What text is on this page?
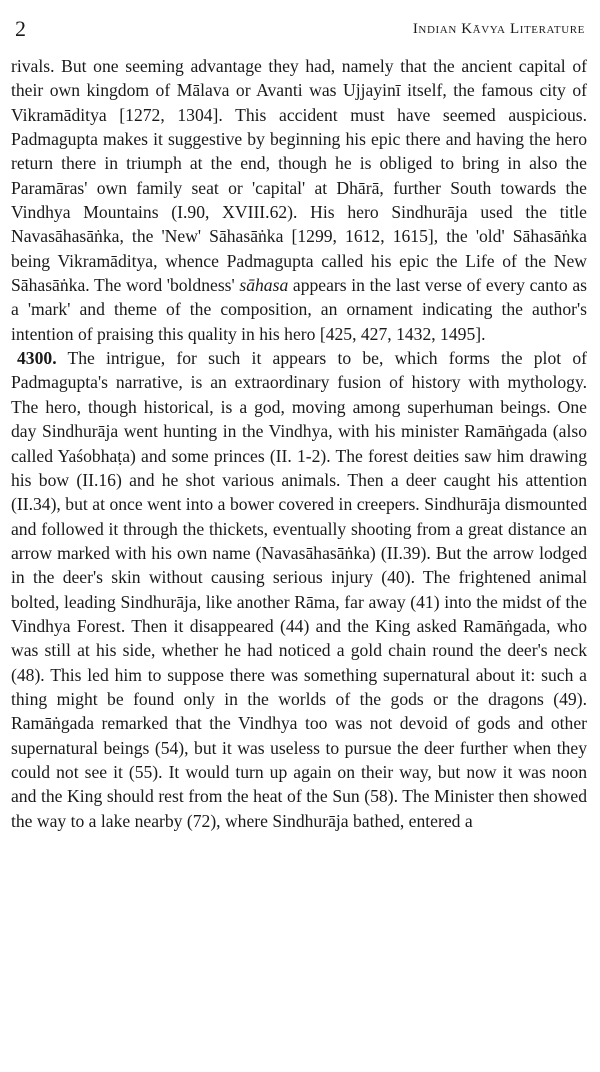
2	Indian Kāvya Literature

rivals. But one seeming advantage they had, namely that the ancient capital of their own kingdom of Mālava or Avanti was Ujjayinī itself, the famous city of Vikramāditya [1272, 1304]. This accident must have seemed auspicious. Padmagupta makes it suggestive by beginning his epic there and having the hero return there in triumph at the end, though he is obliged to bring in also the Paramāras' own family seat or 'capital' at Dhārā, further South towards the Vindhya Mountains (I.90, XVIII.62). His hero Sindhurāja used the title Navasāhasāṅka, the 'New' Sāhasāṅka [1299, 1612, 1615], the 'old' Sāhasāṅka being Vikramāditya, whence Padmagupta called his epic the Life of the New Sāhasāṅka. The word 'boldness' sāhasa appears in the last verse of every canto as a 'mark' and theme of the composition, an ornament indicating the author's intention of praising this quality in his hero [425, 427, 1432, 1495].

4300. The intrigue, for such it appears to be, which forms the plot of Padmagupta's narrative, is an extraordinary fusion of history with mythology. The hero, though historical, is a god, moving among superhuman beings. One day Sindhurāja went hunting in the Vindhya, with his minister Ramāṅgada (also called Yaśobhaṭa) and some princes (II. 1-2). The forest deities saw him drawing his bow (II.16) and he shot various animals. Then a deer caught his attention (II.34), but at once went into a bower covered in creepers. Sindhurāja dismounted and followed it through the thickets, eventually shooting from a great distance an arrow marked with his own name (Navasāhasāṅka) (II.39). But the arrow lodged in the deer's skin without causing serious injury (40). The frightened animal bolted, leading Sindhurāja, like another Rāma, far away (41) into the midst of the Vindhya Forest. Then it disappeared (44) and the King asked Ramāṅgada, who was still at his side, whether he had noticed a gold chain round the deer's neck (48). This led him to suppose there was something supernatural about it: such a thing might be found only in the worlds of the gods or the dragons (49). Ramāṅgada remarked that the Vindhya too was not devoid of gods and other supernatural beings (54), but it was useless to pursue the deer further when they could not see it (55). It would turn up again on their way, but now it was noon and the King should rest from the heat of the Sun (58). The Minister then showed the way to a lake nearby (72), where Sindhurāja bathed, entered a
